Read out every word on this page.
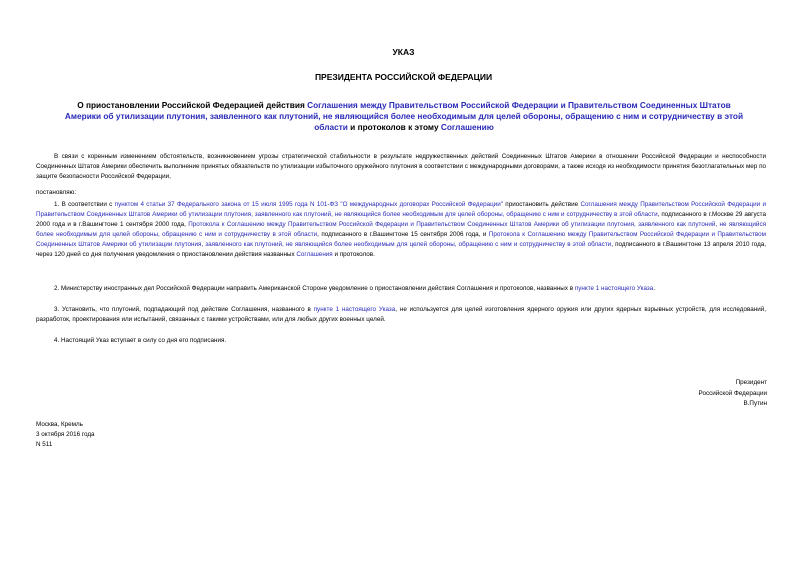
УКАЗ
ПРЕЗИДЕНТА РОССИЙСКОЙ ФЕДЕРАЦИИ
О приостановлении Российской Федерацией действия Соглашения между Правительством Российской Федерации и Правительством Соединенных Штатов Америки об утилизации плутония, заявленного как плутоний, не являющийся более необходимым для целей обороны, обращению с ним и сотрудничеству в этой области и протоколов к этому Соглашению
В связи с коренным изменением обстоятельств, возникновением угрозы стратегической стабильности в результате недружественных действий Соединенных Штатов Америки в отношении Российской Федерации и неспособности Соединенных Штатов Америки обеспечить выполнение принятых обязательств по утилизации избыточного оружейного плутония в соответствии с международными договорами, а также исходя из необходимости принятия безотлагательных мер по защите безопасности Российской Федерации,
постановляю:
1. В соответствии с пунктом 4 статьи 37 Федерального закона от 15 июля 1995 года N 101-ФЗ "О международных договорах Российской Федерации" приостановить действие Соглашения между Правительством Российской Федерации и Правительством Соединенных Штатов Америки об утилизации плутония, заявленного как плутоний, не являющийся более необходимым для целей обороны, обращению с ним и сотрудничеству в этой области, подписанного в г.Москве 29 августа 2000 года и в г.Вашингтоне 1 сентября 2000 года, Протокола к Соглашению между Правительством Российской Федерации и Правительством Соединенных Штатов Америки об утилизации плутония, заявленного как плутоний, не являющийся более необходимым для целей обороны, обращению с ним и сотрудничеству в этой области, подписанного в г.Вашингтоне 15 сентября 2006 года, и Протокола к Соглашению между Правительством Российской Федерации и Правительством Соединенных Штатов Америки об утилизации плутония, заявленного как плутоний, не являющийся более необходимым для целей обороны, обращению с ним и сотрудничеству в этой области, подписанного в г.Вашингтоне 13 апреля 2010 года, через 120 дней со дня получения уведомления о приостановлении действия названных Соглашения и протоколов.
2. Министерству иностранных дел Российской Федерации направить Американской Стороне уведомление о приостановлении действия Соглашения и протоколов, названных в пункте 1 настоящего Указа.
3. Установить, что плутоний, подпадающий под действие Соглашения, названного в пункте 1 настоящего Указа, не используется для целей изготовления ядерного оружия или других ядерных взрывных устройств, для исследований, разработок, проектирования или испытаний, связанных с такими устройствами, или для любых других военных целей.
4. Настоящий Указ вступает в силу со дня его подписания.
Президент
Российской Федерации
В.Путин
Москва, Кремль
3 октября 2016 года
N 511
